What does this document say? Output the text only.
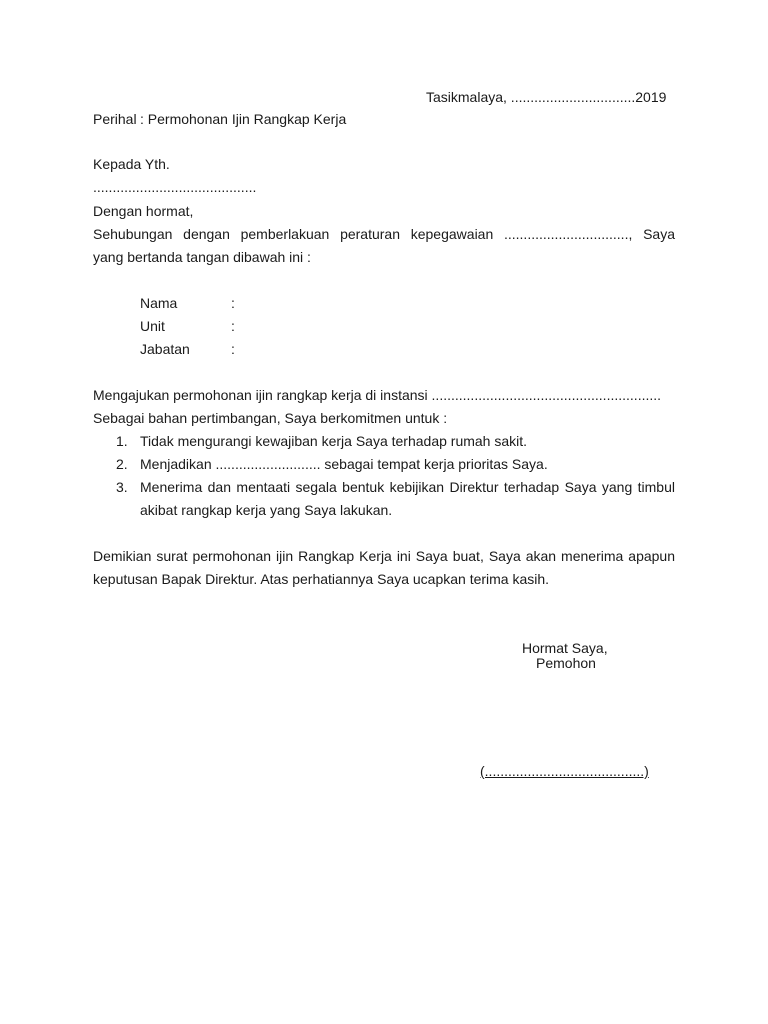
Tasikmalaya, ................................2019
Perihal : Permohonan Ijin Rangkap Kerja
Kepada Yth.
..........................................
Dengan hormat,
Sehubungan dengan pemberlakuan peraturan kepegawaian ................................, Saya
yang bertanda tangan dibawah ini :
Nama	:
Unit	:
Jabatan	:
Mengajukan permohonan ijin rangkap kerja di instansi ...........................................................
Sebagai bahan pertimbangan, Saya berkomitmen untuk :
1. Tidak mengurangi kewajiban kerja Saya terhadap rumah sakit.
2. Menjadikan ........................... sebagai tempat kerja prioritas Saya.
3. Menerima dan mentaati segala bentuk kebijikan Direktur terhadap Saya yang timbul
akibat rangkap kerja yang Saya lakukan.
Demikian surat permohonan ijin Rangkap Kerja ini Saya buat, Saya akan menerima apapun
keputusan Bapak Direktur. Atas perhatiannya Saya ucapkan terima kasih.
Hormat Saya,
Pemohon
(.........................................)
